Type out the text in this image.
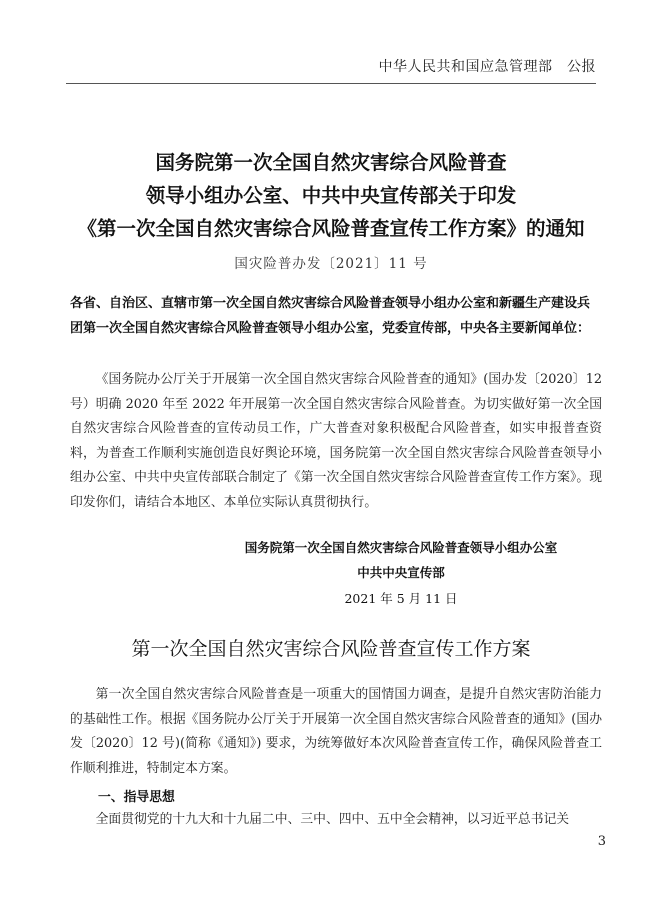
中华人民共和国应急管理部　公报
国务院第一次全国自然灾害综合风险普查
领导小组办公室、中共中央宣传部关于印发
《第一次全国自然灾害综合风险普查宣传工作方案》的通知
国灾险普办发〔2021〕11 号
各省、自治区、直辖市第一次全国自然灾害综合风险普查领导小组办公室和新疆生产建设兵团第一次全国自然灾害综合风险普查领导小组办公室，党委宣传部，中央各主要新闻单位：
《国务院办公厅关于开展第一次全国自然灾害综合风险普查的通知》(国办发〔2020〕12 号）明确 2020 年至 2022 年开展第一次全国自然灾害综合风险普查。为切实做好第一次全国自然灾害综合风险普查的宣传动员工作，广大普查对象积极配合风险普查，如实申报普查资料，为普查工作顺利实施创造良好舆论环境，国务院第一次全国自然灾害综合风险普查领导小组办公室、中共中央宣传部联合制定了《第一次全国自然灾害综合风险普查宣传工作方案》。现印发你们，请结合本地区、本单位实际认真贯彻执行。
国务院第一次全国自然灾害综合风险普查领导小组办公室
中共中央宣传部
2021 年 5 月 11 日
第一次全国自然灾害综合风险普查宣传工作方案
第一次全国自然灾害综合风险普查是一项重大的国情国力调查，是提升自然灾害防治能力的基础性工作。根据《国务院办公厅关于开展第一次全国自然灾害综合风险普查的通知》(国办发〔2020〕12 号)(简称《通知》) 要求，为统筹做好本次风险普查宣传工作，确保风险普查工作顺利推进，特制定本方案。
一、指导思想
全面贯彻党的十九大和十九届二中、三中、四中、五中全会精神，以习近平总书记关
3
